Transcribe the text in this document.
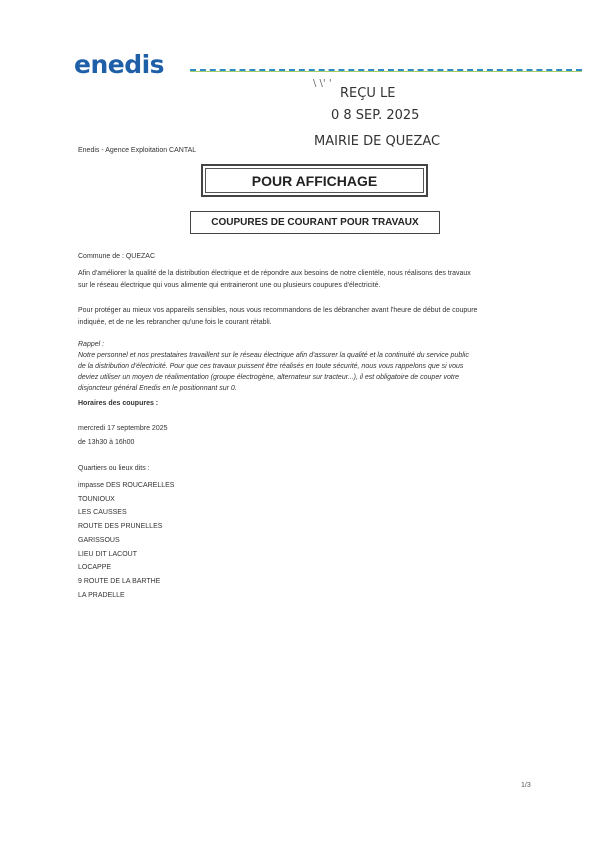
enedis
\ \' '
REÇU LE
0 8 SEP. 2025
MAIRIE DE QUEZAC
Enedis - Agence Exploitation CANTAL
POUR AFFICHAGE
COUPURES DE COURANT POUR TRAVAUX
Commune de : QUEZAC
Afin d'améliorer la qualité de la distribution électrique et de répondre aux besoins de notre clientèle, nous réalisons des travaux
sur le réseau électrique qui vous alimente qui entraineront une ou plusieurs coupures d'électricité.
Pour protéger au mieux vos appareils sensibles, nous vous recommandons de les débrancher avant l'heure de début de coupure
indiquée, et de ne les rebrancher qu'une fois le courant rétabli.
Rappel :
Notre personnel et nos prestataires travaillent sur le réseau électrique afin d'assurer la qualité et la continuité du service public
de la distribution d'électricité. Pour que ces travaux puissent être réalisés en toute sécurité, nous vous rappelons que si vous
deviez utiliser un moyen de réalimentation (groupe électrogène, alternateur sur tracteur...), il est obligatoire de couper votre
disjoncteur général Enedis en le positionnant sur 0.
Horaires des coupures :
mercredi 17 septembre 2025
de 13h30 à 16h00
Quartiers ou lieux dits :
impasse DES ROUCARELLES
TOUNIOUX
LES CAUSSES
ROUTE DES PRUNELLES
GARISSOUS
LIEU DIT LACOUT
LOCAPPE
9 ROUTE DE LA BARTHE
LA PRADELLE
1/3
